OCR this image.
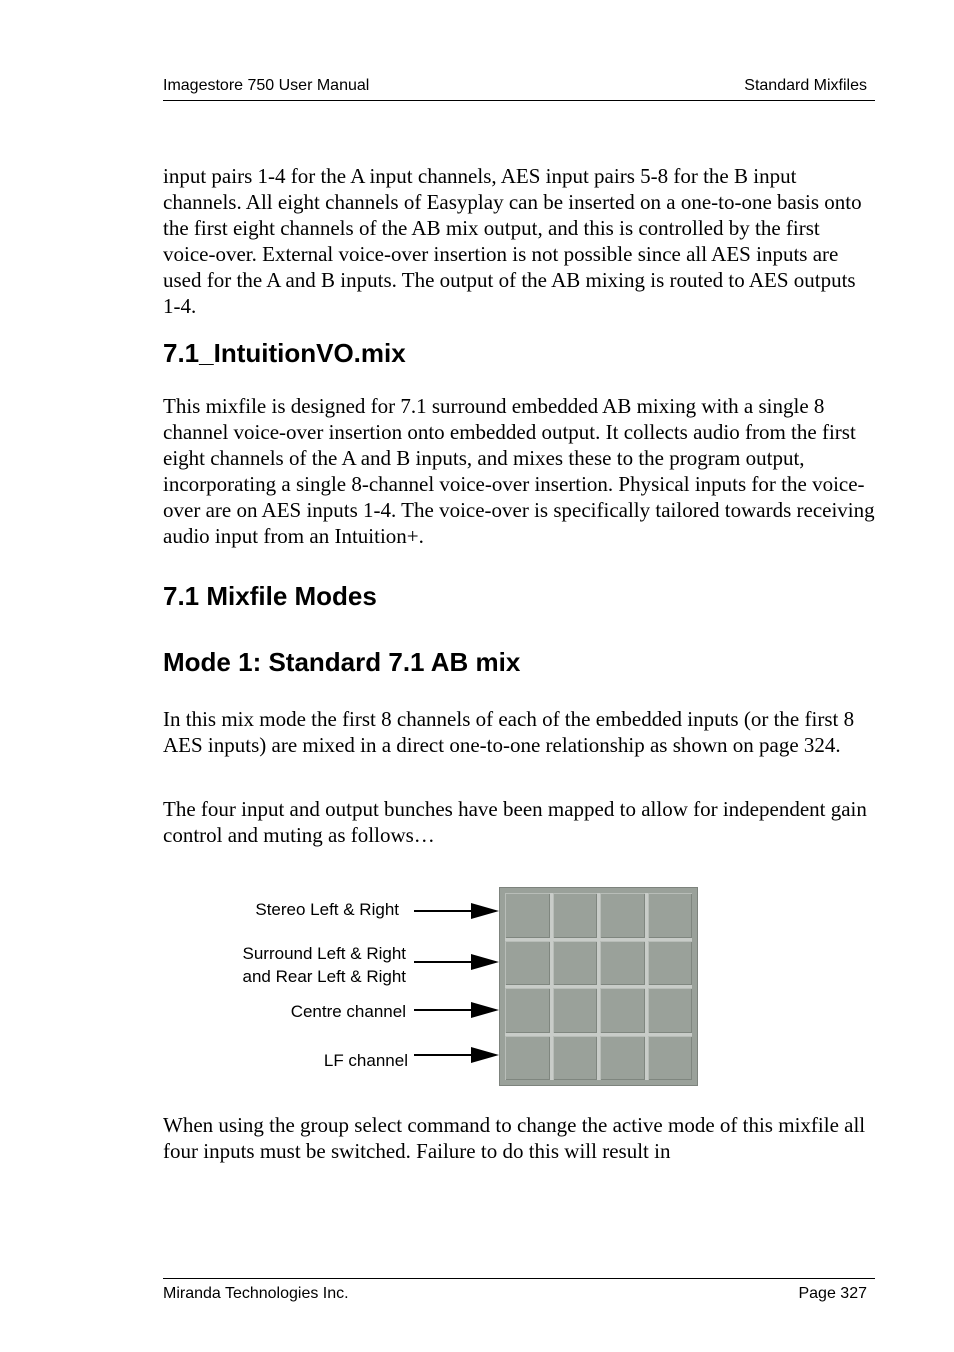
Imagestore 750 User Manual	Standard Mixfiles

input pairs 1-4 for the A input channels, AES input pairs 5-8 for the B input channels. All eight channels of Easyplay can be inserted on a one-to-one basis onto the first eight channels of the AB mix output, and this is controlled by the first voice-over. External voice-over insertion is not possible since all AES inputs are used for the A and B inputs. The output of the AB mixing is routed to AES outputs 1-4.

7.1_IntuitionVO.mix

This mixfile is designed for 7.1 surround embedded AB mixing with a single 8 channel voice-over insertion onto embedded output. It collects audio from the first eight channels of the A and B inputs, and mixes these to the program output, incorporating a single 8-channel voice-over insertion. Physical inputs for the voice-over are on AES inputs 1-4. The voice-over is specifically tailored towards receiving audio input from an Intuition+.

7.1 Mixfile Modes
Mode 1: Standard 7.1 AB mix

In this mix mode the first 8 channels of each of the embedded inputs (or the first 8 AES inputs) are mixed in a direct one-to-one relationship as shown on page 324.

The four input and output bunches have been mapped to allow for independent gain control and muting as follows…

Stereo Left & Right
Surround Left & Right
and Rear Left & Right
Centre channel
LF channel

When using the group select command to change the active mode of this mixfile all four inputs must be switched. Failure to do this will result in

Miranda Technologies Inc.	Page 327
